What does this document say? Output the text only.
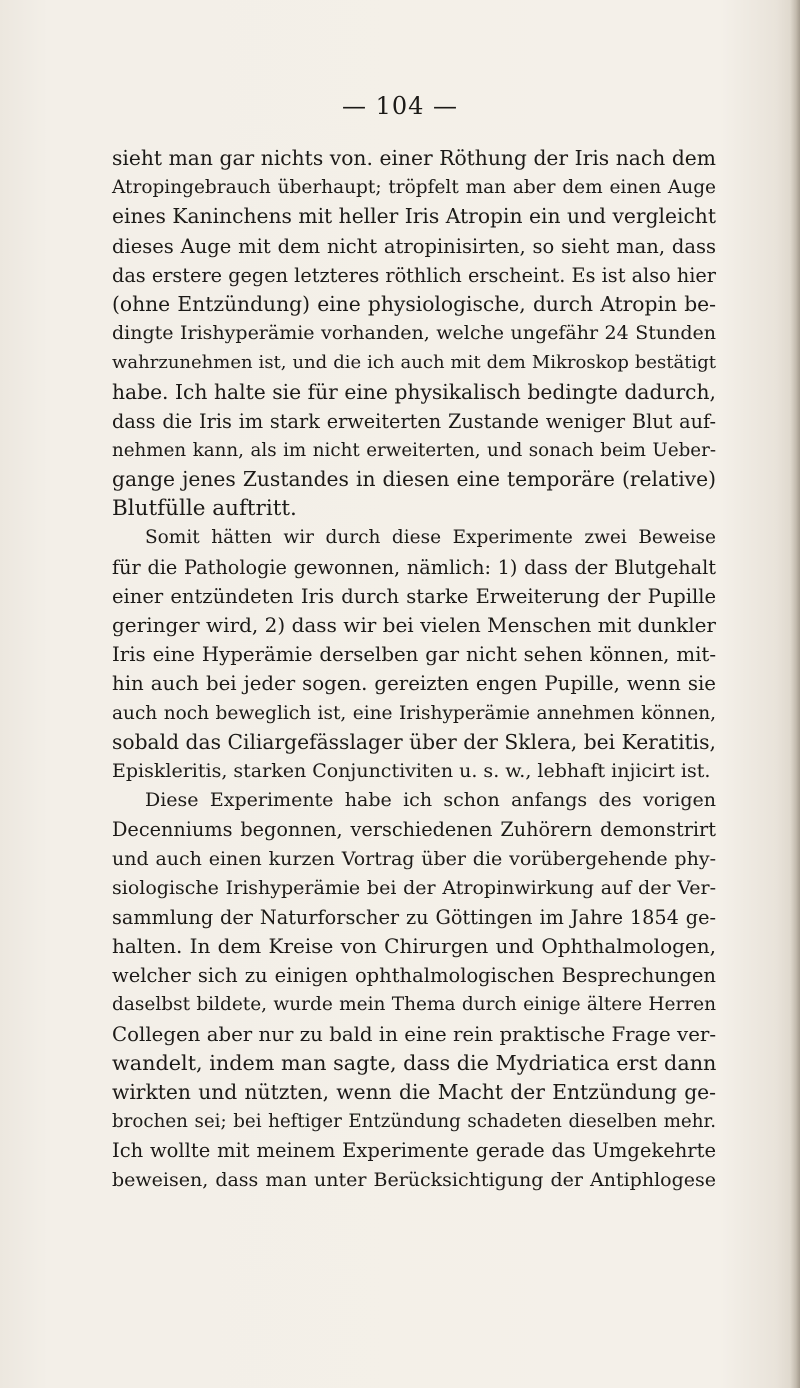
— 104 —
sieht man gar nichts von. einer Röthung der Iris nach dem
Atropingebrauch überhaupt; tröpfelt man aber dem einen Auge
eines Kaninchens mit heller Iris Atropin ein und vergleicht
dieses Auge mit dem nicht atropinisirten, so sieht man, dass
das erstere gegen letzteres röthlich erscheint. Es ist also hier
(ohne Entzündung) eine physiologische, durch Atropin be-
dingte Irishyperämie vorhanden, welche ungefähr 24 Stunden
wahrzunehmen ist, und die ich auch mit dem Mikroskop bestätigt
habe. Ich halte sie für eine physikalisch bedingte dadurch,
dass die Iris im stark erweiterten Zustande weniger Blut auf-
nehmen kann, als im nicht erweiterten, und sonach beim Ueber-
gange jenes Zustandes in diesen eine temporäre (relative)
Blutfülle auftritt.
Somit hätten wir durch diese Experimente zwei Beweise
für die Pathologie gewonnen, nämlich: 1) dass der Blutgehalt
einer entzündeten Iris durch starke Erweiterung der Pupille
geringer wird, 2) dass wir bei vielen Menschen mit dunkler
Iris eine Hyperämie derselben gar nicht sehen können, mit-
hin auch bei jeder sogen. gereizten engen Pupille, wenn sie
auch noch beweglich ist, eine Irishyperämie annehmen können,
sobald das Ciliargefässlager über der Sklera, bei Keratitis,
Episkleritis, starken Conjunctiviten u. s. w., lebhaft injicirt ist.
Diese Experimente habe ich schon anfangs des vorigen
Decenniums begonnen, verschiedenen Zuhörern demonstrirt
und auch einen kurzen Vortrag über die vorübergehende phy-
siologische Irishyperämie bei der Atropinwirkung auf der Ver-
sammlung der Naturforscher zu Göttingen im Jahre 1854 ge-
halten. In dem Kreise von Chirurgen und Ophthalmologen,
welcher sich zu einigen ophthalmologischen Besprechungen
daselbst bildete, wurde mein Thema durch einige ältere Herren
Collegen aber nur zu bald in eine rein praktische Frage ver-
wandelt, indem man sagte, dass die Mydriatica erst dann
wirkten und nützten, wenn die Macht der Entzündung ge-
brochen sei; bei heftiger Entzündung schadeten dieselben mehr.
Ich wollte mit meinem Experimente gerade das Umgekehrte
beweisen, dass man unter Berücksichtigung der Antiphlogese
